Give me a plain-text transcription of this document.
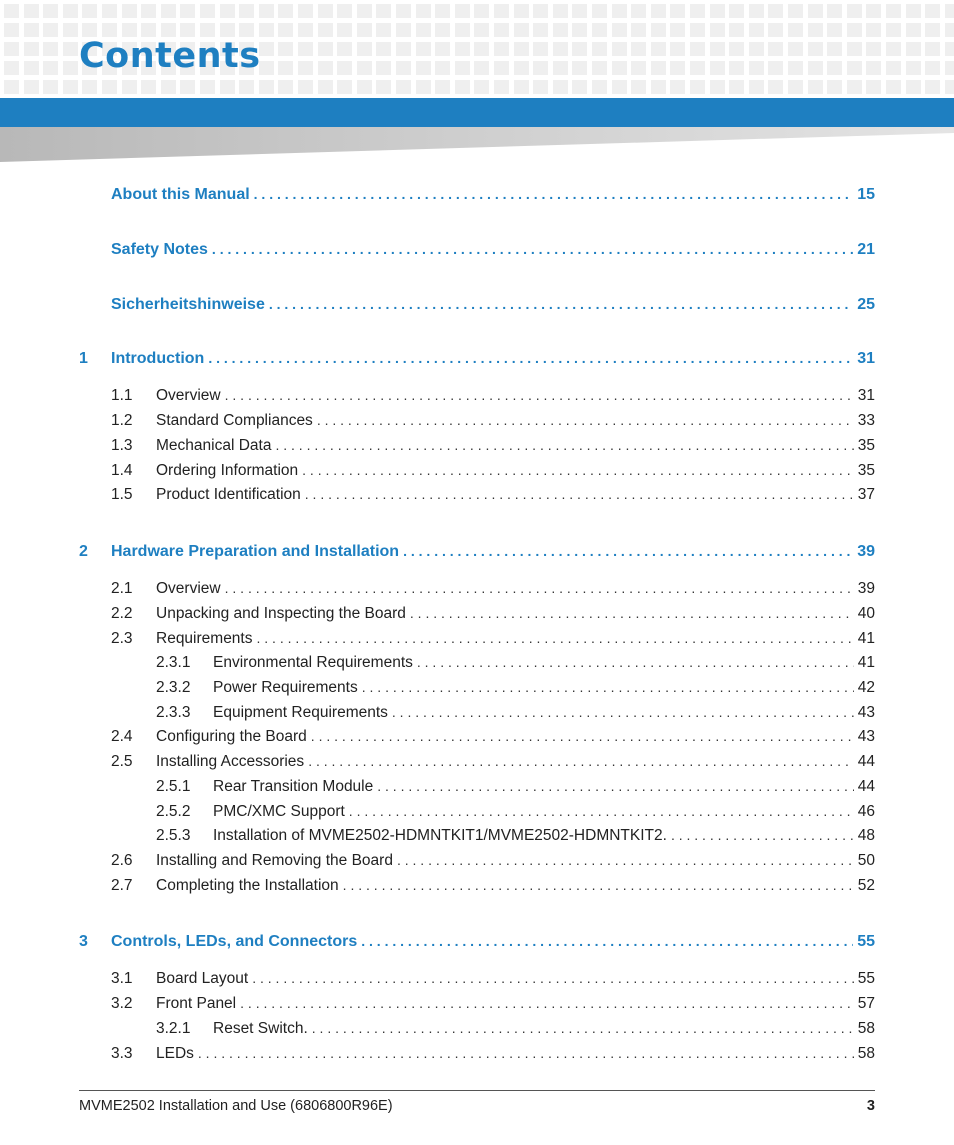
Contents
About this Manual . . .	15
Safety Notes . . .	21
Sicherheitshinweise . . .	25
1	Introduction . . .	31
1.1	Overview . . .	31
1.2	Standard Compliances . . .	33
1.3	Mechanical Data . . .	35
1.4	Ordering Information . . .	35
1.5	Product Identification . . .	37
2	Hardware Preparation and Installation . . .	39
2.1	Overview . . .	39
2.2	Unpacking and Inspecting the Board . . .	40
2.3	Requirements . . .	41
2.3.1	Environmental Requirements . . .	41
2.3.2	Power Requirements . . .	42
2.3.3	Equipment Requirements . . .	43
2.4	Configuring the Board . . .	43
2.5	Installing Accessories . . .	44
2.5.1	Rear Transition Module . . .	44
2.5.2	PMC/XMC Support . . .	46
2.5.3	Installation of MVME2502-HDMNTKIT1/MVME2502-HDMNTKIT2. . . .	48
2.6	Installing and Removing the Board . . .	50
2.7	Completing the Installation . . .	52
3	Controls, LEDs, and Connectors . . .	55
3.1	Board Layout . . .	55
3.2	Front Panel . . .	57
3.2.1	Reset Switch. . . .	58
3.3	LEDs . . .	58
MVME2502 Installation and Use (6806800R96E)	3
